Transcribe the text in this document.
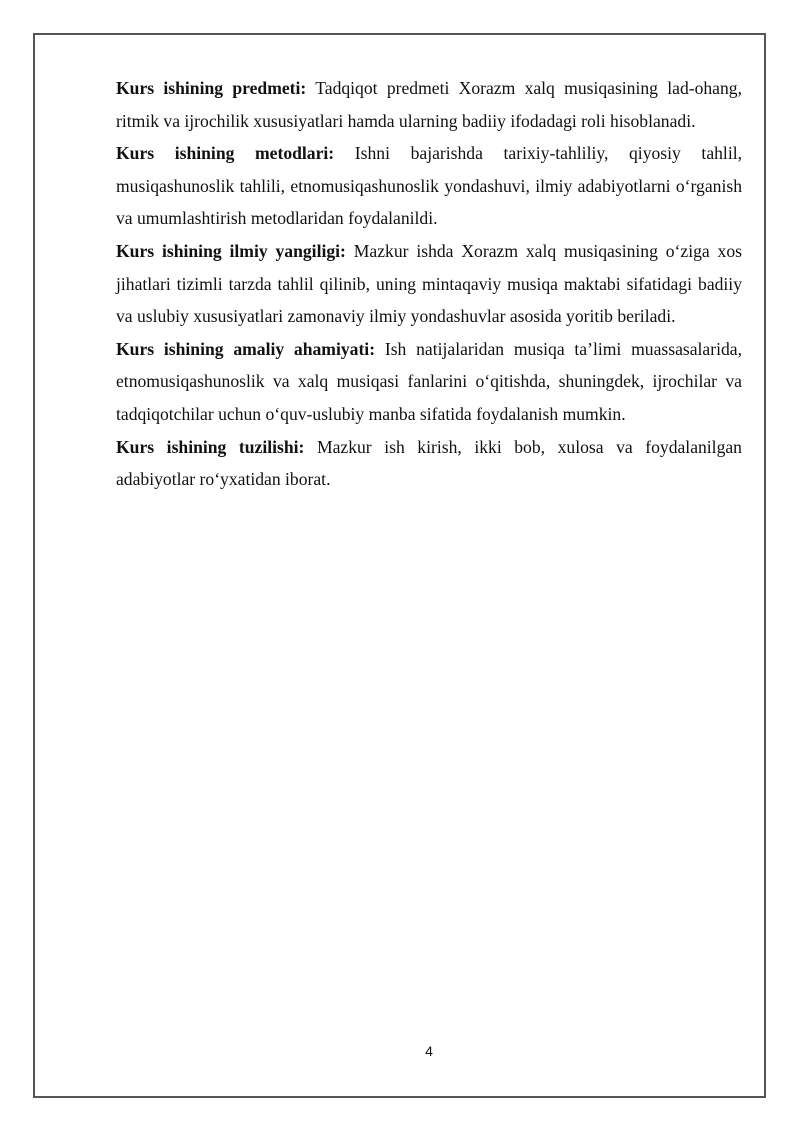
Kurs ishining predmeti: Tadqiqot predmeti Xorazm xalq musiqasining lad-ohang, ritmik va ijrochilik xususiyatlari hamda ularning badiiy ifodadagi roli hisoblanadi.

Kurs ishining metodlari: Ishni bajarishda tarixiy-tahliliy, qiyosiy tahlil, musiqashunoslik tahlili, etnomusiqashunoslik yondashuvi, ilmiy adabiyotlarni o‘rganish va umumlashtirish metodlaridan foydalanildi.

Kurs ishining ilmiy yangiligi: Mazkur ishda Xorazm xalq musiqasining o‘ziga xos jihatlari tizimli tarzda tahlil qilinib, uning mintaqaviy musiqa maktabi sifatidagi badiiy va uslubiy xususiyatlari zamonaviy ilmiy yondashuvlar asosida yoritib beriladi.

Kurs ishining amaliy ahamiyati: Ish natijalaridan musiqa ta’limi muassasalarida, etnomusiqashunoslik va xalq musiqasi fanlarini o‘qitishda, shuningdek, ijrochilar va tadqiqotchilar uchun o‘quv-uslubiy manba sifatida foydalanish mumkin.

Kurs ishining tuzilishi: Mazkur ish kirish, ikki bob, xulosa va foydalanilgan adabiyotlar ro‘yxatidan iborat.

4
